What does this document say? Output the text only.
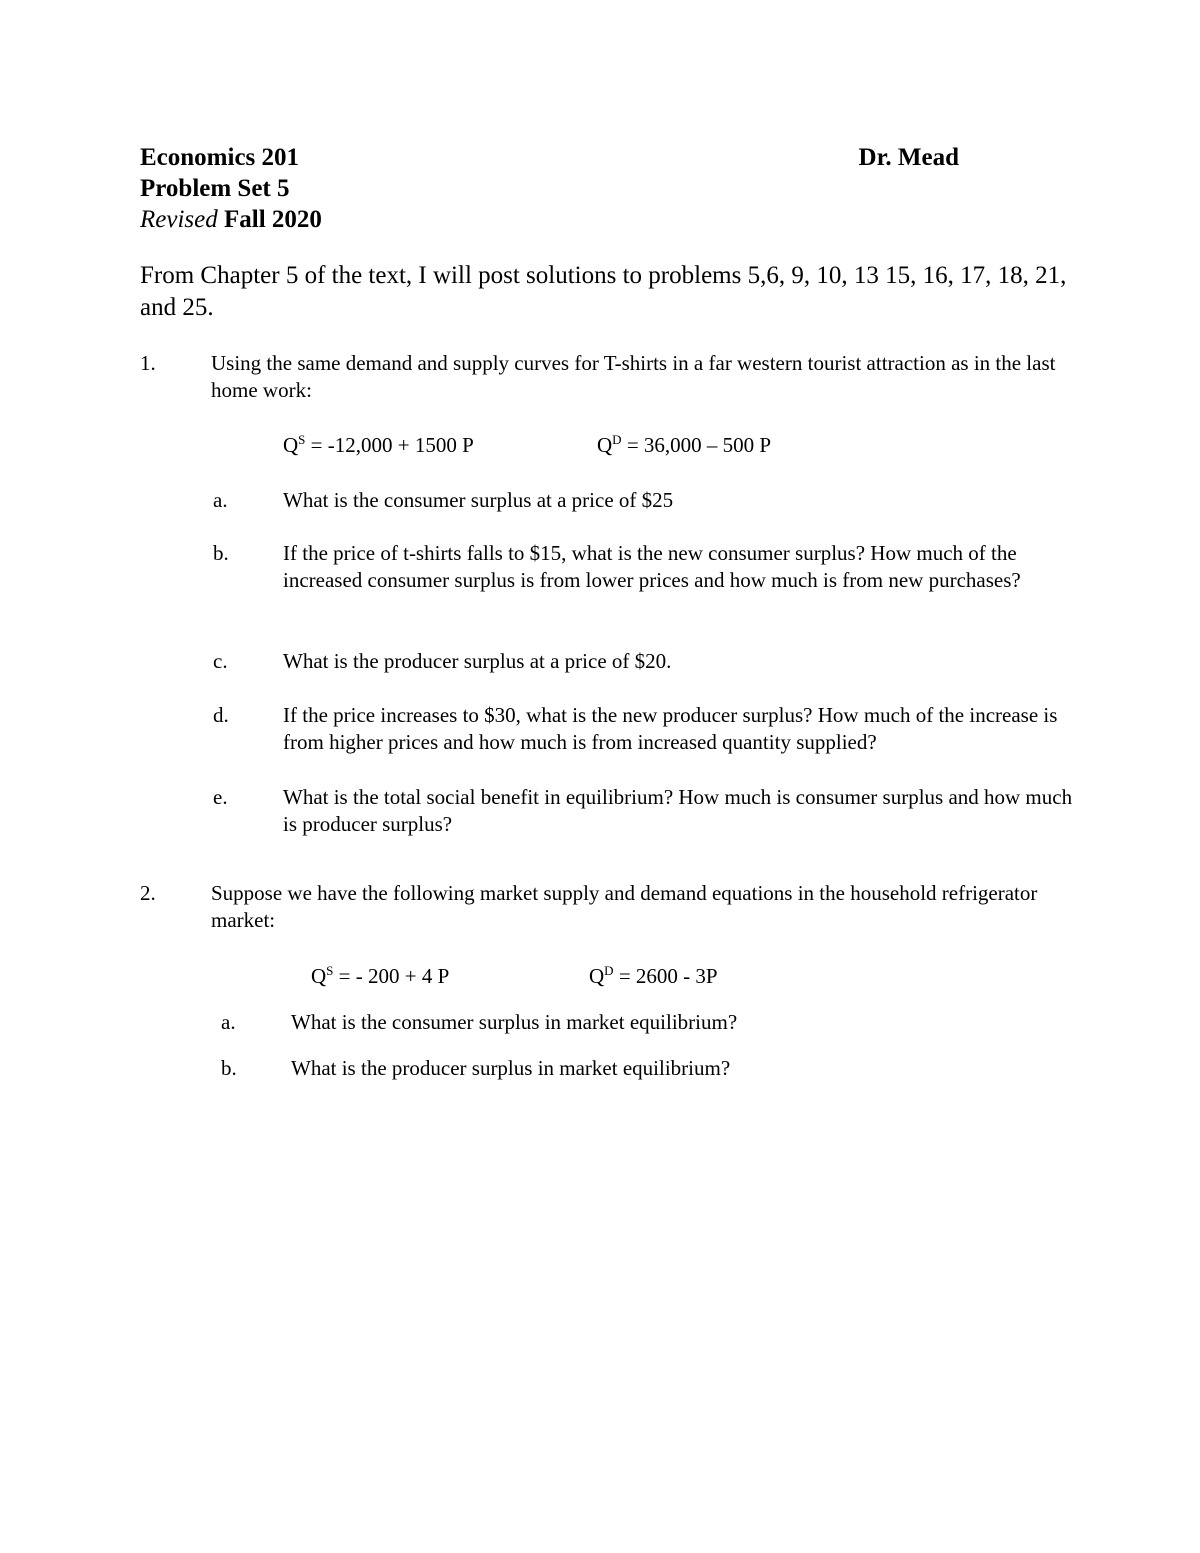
Economics 201	Dr. Mead
Problem Set 5
Revised Fall 2020
From Chapter 5 of the text, I will post solutions to problems 5,6, 9, 10, 13 15, 16, 17, 18, 21, and 25.
1.	Using the same demand and supply curves for T-shirts in a far western tourist attraction as in the last home work:
$Q^S = -12,000 + 1500$ P	$Q^D = 36,000 - 500$ P
a.	What is the consumer surplus at a price of $25
b.	If the price of t-shirts falls to $15, what is the new consumer surplus? How much of the increased consumer surplus is from lower prices and how much is from new purchases?
c.	What is the producer surplus at a price of $20.
d.	If the price increases to $30, what is the new producer surplus? How much of the increase is from higher prices and how much is from increased quantity supplied?
e.	What is the total social benefit in equilibrium? How much is consumer surplus and how much is producer surplus?
2.	Suppose we have the following market supply and demand equations in the household refrigerator market:
$Q^S$ = - 200 + 4 P	$Q^D = 2600 - 3P$
a.	What is the consumer surplus in market equilibrium?
b.	What is the producer surplus in market equilibrium?
